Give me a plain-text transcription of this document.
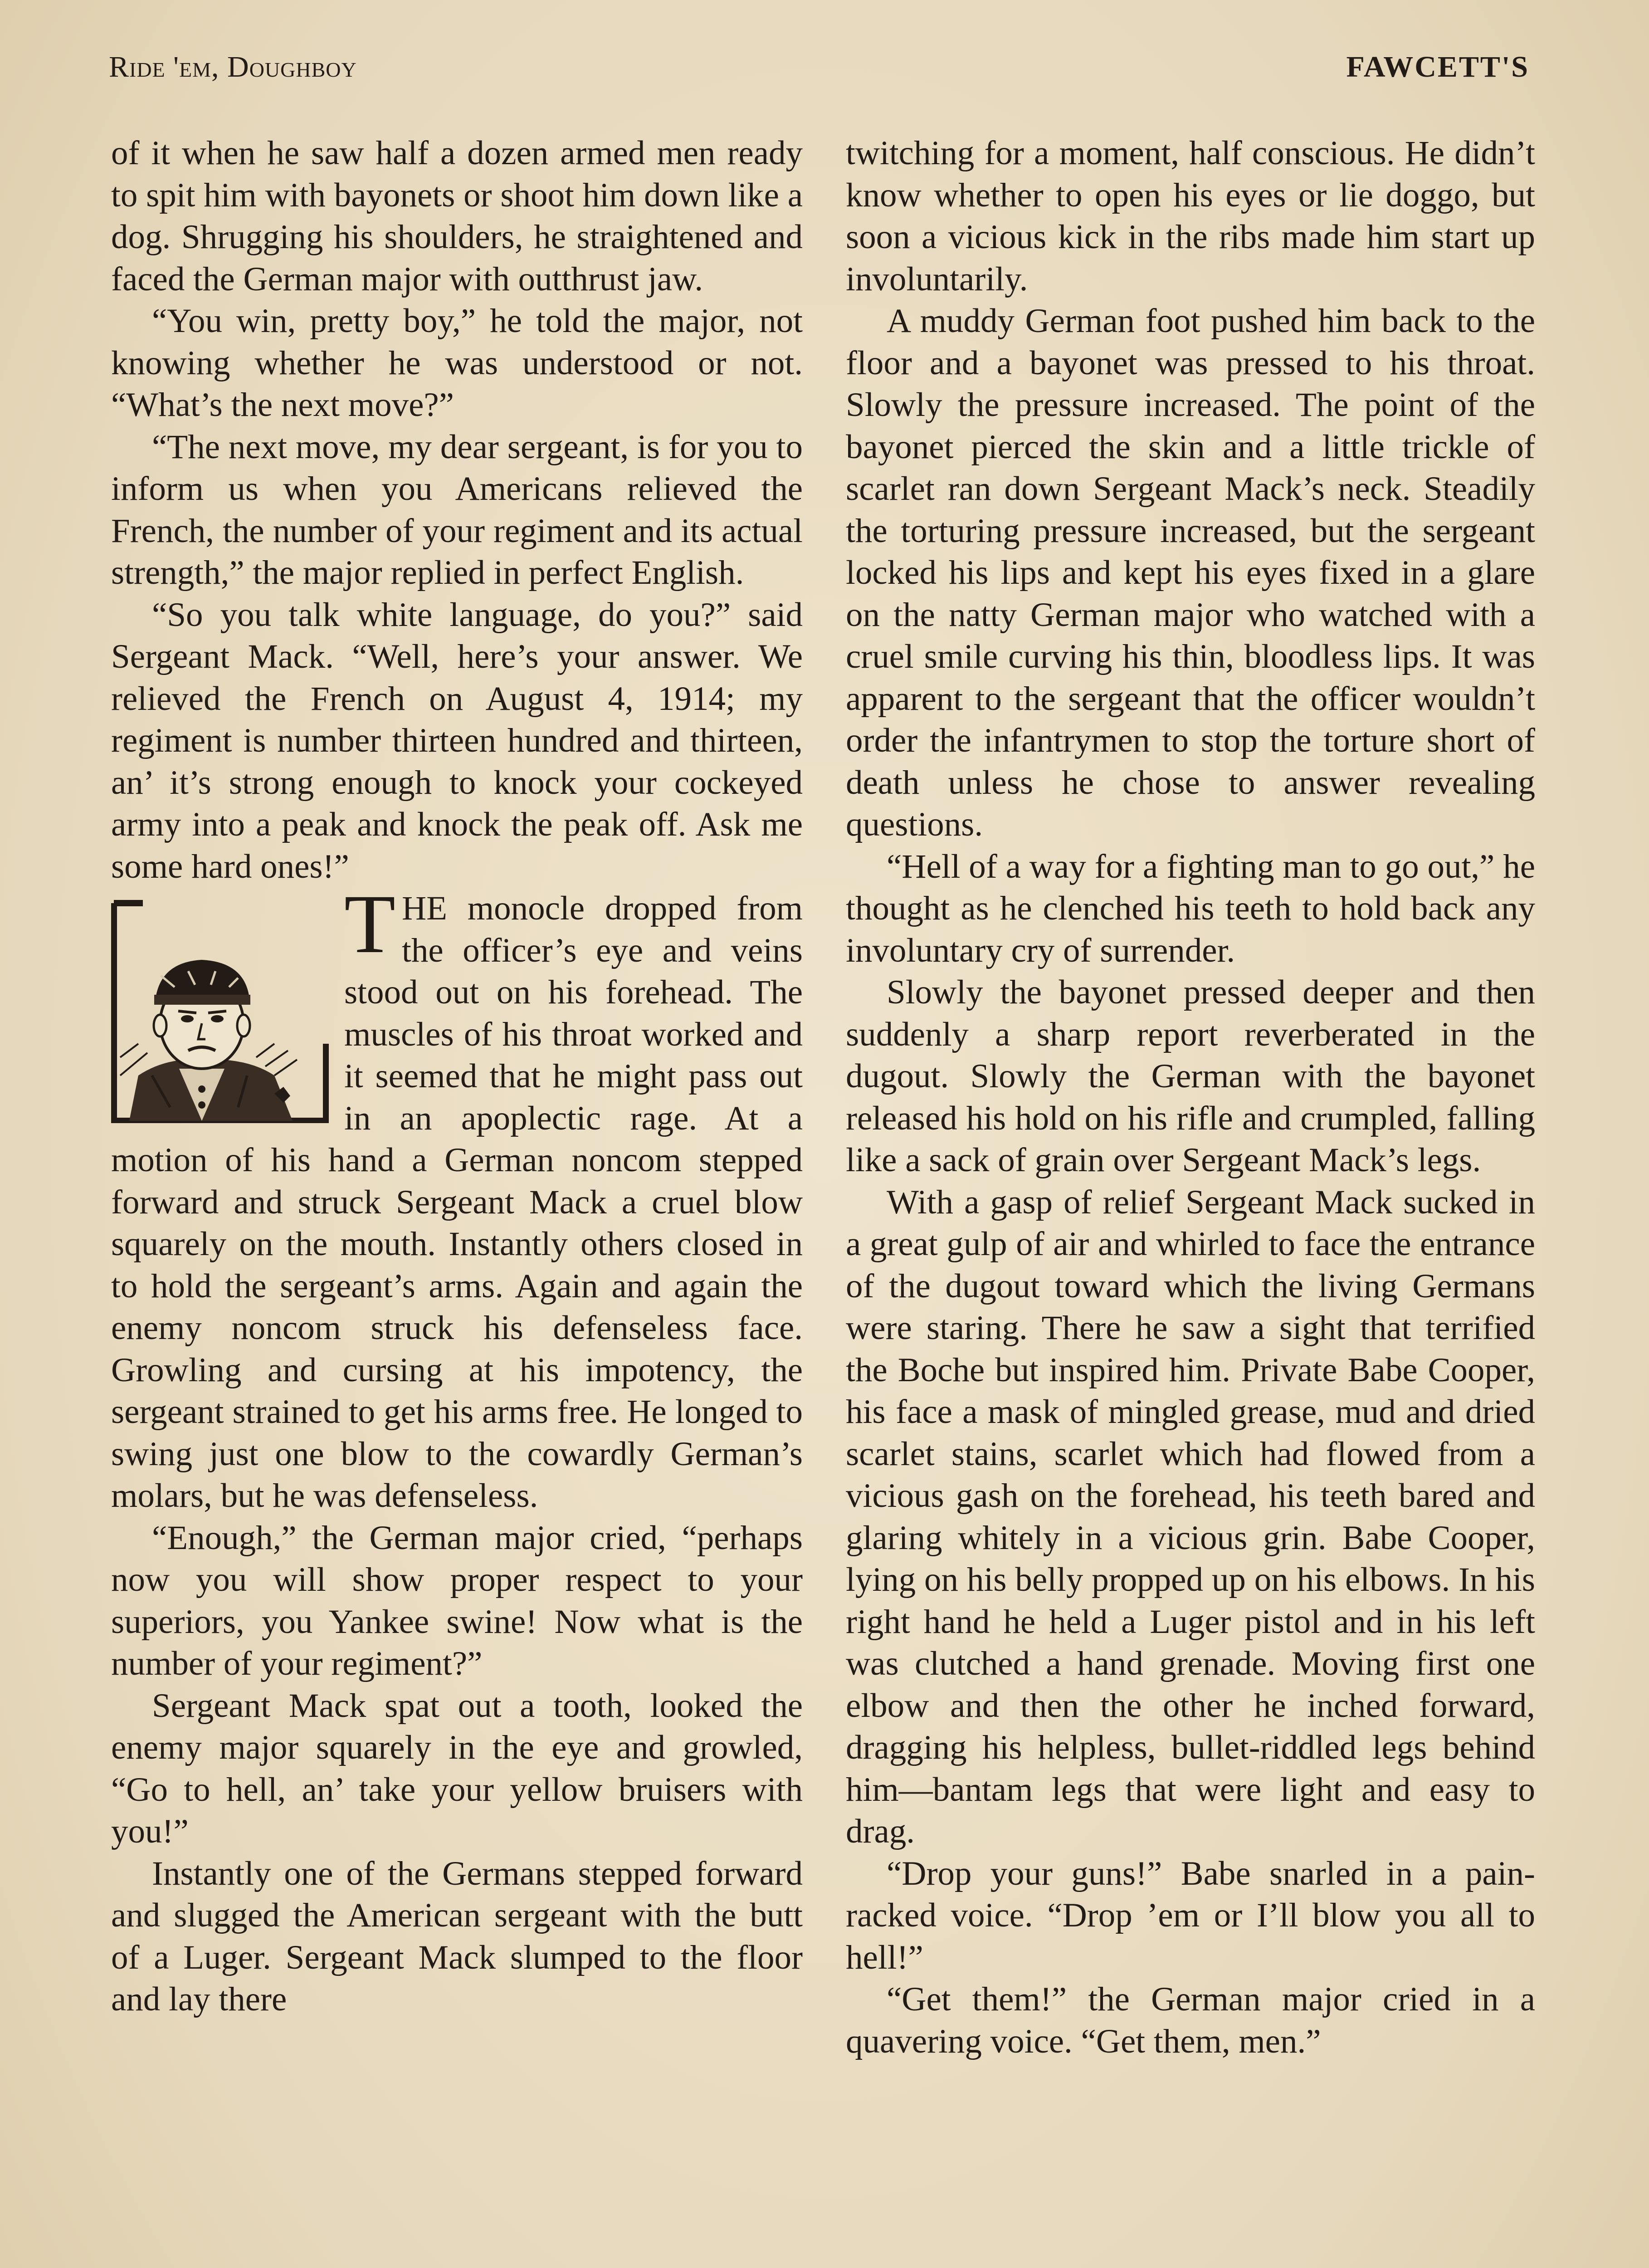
Ride 'em, Doughboy	FAWCETT'S

of it when he saw half a dozen armed men ready to spit him with bayonets or shoot him down like a dog. Shrugging his shoulders, he straightened and faced the German major with outthrust jaw.

“You win, pretty boy,” he told the major, not knowing whether he was understood or not. “What’s the next move?”

“The next move, my dear sergeant, is for you to inform us when you Americans relieved the French, the number of your regiment and its actual strength,” the major replied in perfect English.

“So you talk white language, do you?” said Sergeant Mack. “Well, here’s your answer. We relieved the French on August 4, 1914; my regiment is number thirteen hundred and thirteen, an’ it’s strong enough to knock your cockeyed army into a peak and knock the peak off. Ask me some hard ones!”

THE monocle dropped from the officer’s eye and veins stood out on his forehead. The muscles of his throat worked and it seemed that he might pass out in an apoplectic rage. At a motion of his hand a German noncom stepped forward and struck Sergeant Mack a cruel blow squarely on the mouth. Instantly others closed in to hold the sergeant’s arms. Again and again the enemy noncom struck his defenseless face. Growling and cursing at his impotency, the sergeant strained to get his arms free. He longed to swing just one blow to the cowardly German’s molars, but he was defenseless.

“Enough,” the German major cried, “perhaps now you will show proper respect to your superiors, you Yankee swine! Now what is the number of your regiment?”

Sergeant Mack spat out a tooth, looked the enemy major squarely in the eye and growled, “Go to hell, an’ take your yellow bruisers with you!”

Instantly one of the Germans stepped forward and slugged the American sergeant with the butt of a Luger. Sergeant Mack slumped to the floor and lay there

twitching for a moment, half conscious. He didn’t know whether to open his eyes or lie doggo, but soon a vicious kick in the ribs made him start up involuntarily.

A muddy German foot pushed him back to the floor and a bayonet was pressed to his throat. Slowly the pressure increased. The point of the bayonet pierced the skin and a little trickle of scarlet ran down Sergeant Mack’s neck. Steadily the torturing pressure increased, but the sergeant locked his lips and kept his eyes fixed in a glare on the natty German major who watched with a cruel smile curving his thin, bloodless lips. It was apparent to the sergeant that the officer wouldn’t order the infantrymen to stop the torture short of death unless he chose to answer revealing questions.

“Hell of a way for a fighting man to go out,” he thought as he clenched his teeth to hold back any involuntary cry of surrender.

Slowly the bayonet pressed deeper and then suddenly a sharp report reverberated in the dugout. Slowly the German with the bayonet released his hold on his rifle and crumpled, falling like a sack of grain over Sergeant Mack’s legs.

With a gasp of relief Sergeant Mack sucked in a great gulp of air and whirled to face the entrance of the dugout toward which the living Germans were staring. There he saw a sight that terrified the Boche but inspired him. Private Babe Cooper, his face a mask of mingled grease, mud and dried scarlet stains, scarlet which had flowed from a vicious gash on the forehead, his teeth bared and glaring whitely in a vicious grin. Babe Cooper, lying on his belly propped up on his elbows. In his right hand he held a Luger pistol and in his left was clutched a hand grenade. Moving first one elbow and then the other he inched forward, dragging his helpless, bullet-riddled legs behind him—bantam legs that were light and easy to drag.

“Drop your guns!” Babe snarled in a pain-racked voice. “Drop ’em or I’ll blow you all to hell!”

“Get them!” the German major cried in a quavering voice. “Get them, men.”
